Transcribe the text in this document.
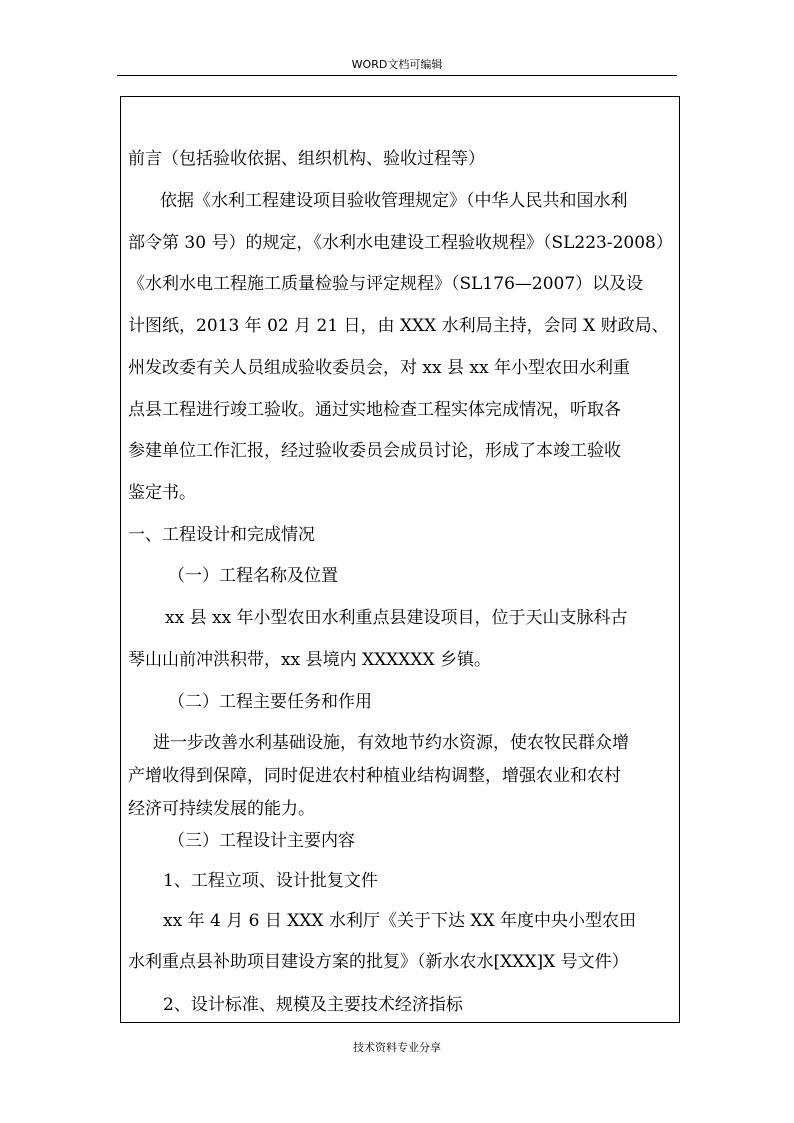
WORD文档可编辑
前言（包括验收依据、组织机构、验收过程等）
依据《水利工程建设项目验收管理规定》（中华人民共和国水利
部令第 30 号）的规定，《水利水电建设工程验收规程》（SL223-2008）
《水利水电工程施工质量检验与评定规程》（SL176—2007）以及设
计图纸，2013 年 02 月 21 日，由 XXX 水利局主持，会同 X 财政局、
州发改委有关人员组成验收委员会，对 xx 县 xx 年小型农田水利重
点县工程进行竣工验收。通过实地检查工程实体完成情况，听取各
参建单位工作汇报，经过验收委员会成员讨论，形成了本竣工验收
鉴定书。
一、工程设计和完成情况
（一）工程名称及位置
xx 县 xx 年小型农田水利重点县建设项目，位于天山支脉科古
琴山山前冲洪积带，xx 县境内 XXXXXX 乡镇。
（二）工程主要任务和作用
进一步改善水利基础设施，有效地节约水资源，使农牧民群众增
产增收得到保障，同时促进农村种植业结构调整，增强农业和农村
经济可持续发展的能力。
（三）工程设计主要内容
1、工程立项、设计批复文件
xx 年 4 月 6 日 XXX 水利厅《关于下达 XX 年度中央小型农田
水利重点县补助项目建设方案的批复》（新水农水[XXX]X 号文件）
2、设计标准、规模及主要技术经济指标
技术资料专业分享
